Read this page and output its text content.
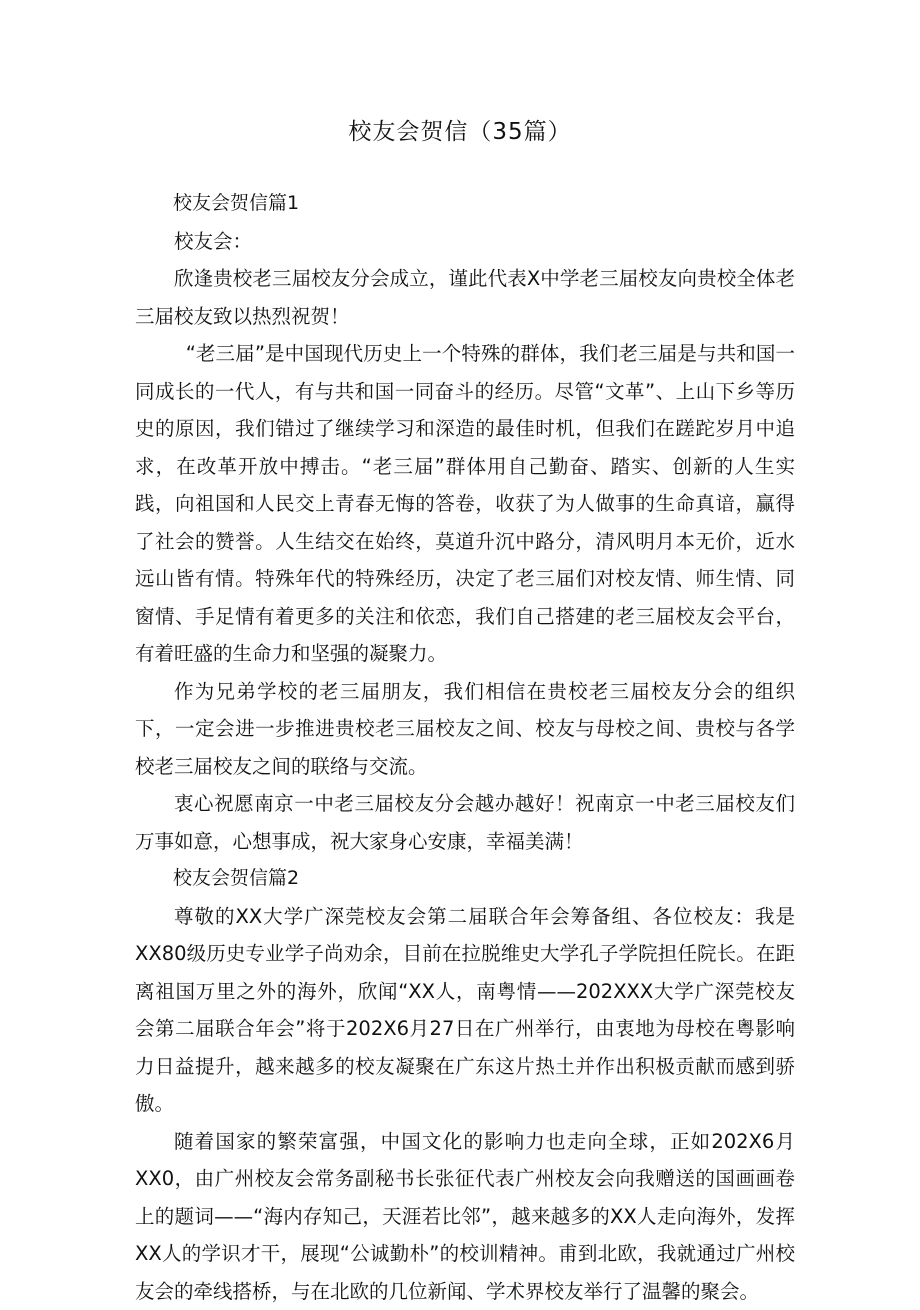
校友会贺信（35篇）

校友会贺信篇1

校友会：

欣逢贵校老三届校友分会成立，谨此代表X中学老三届校友向贵校全体老三届校友致以热烈祝贺！

“老三届”是中国现代历史上一个特殊的群体，我们老三届是与共和国一同成长的一代人，有与共和国一同奋斗的经历。尽管“文革”、上山下乡等历史的原因，我们错过了继续学习和深造的最佳时机，但我们在蹉跎岁月中追求，在改革开放中搏击。“老三届”群体用自己勤奋、踏实、创新的人生实践，向祖国和人民交上青春无悔的答卷，收获了为人做事的生命真谙，赢得了社会的赞誉。人生结交在始终，莫道升沉中路分，清风明月本无价，近水远山皆有情。特殊年代的特殊经历，决定了老三届们对校友情、师生情、同窗情、手足情有着更多的关注和依恋，我们自己搭建的老三届校友会平台，有着旺盛的生命力和坚强的凝聚力。

作为兄弟学校的老三届朋友，我们相信在贵校老三届校友分会的组织下，一定会进一步推进贵校老三届校友之间、校友与母校之间、贵校与各学校老三届校友之间的联络与交流。

衷心祝愿南京一中老三届校友分会越办越好！祝南京一中老三届校友们万事如意，心想事成，祝大家身心安康，幸福美满！

校友会贺信篇2

尊敬的XX大学广深莞校友会第二届联合年会筹备组、各位校友：我是XX80级历史专业学子尚劝余，目前在拉脱维史大学孔子学院担任院长。在距离祖国万里之外的海外，欣闻“XX人，南粤情——202XXX大学广深莞校友会第二届联合年会”将于202X6月27日在广州举行，由衷地为母校在粤影响力日益提升，越来越多的校友凝聚在广东这片热土并作出积极贡献而感到骄傲。

随着国家的繁荣富强，中国文化的影响力也走向全球，正如202X6月XX0，由广州校友会常务副秘书长张征代表广州校友会向我赠送的国画画卷上的题词——“海内存知己，天涯若比邻”，越来越多的XX人走向海外，发挥XX人的学识才干，展现“公诚勤朴”的校训精神。甫到北欧，我就通过广州校友会的牵线搭桥，与在北欧的几位新闻、学术界校友举行了温馨的聚会。
